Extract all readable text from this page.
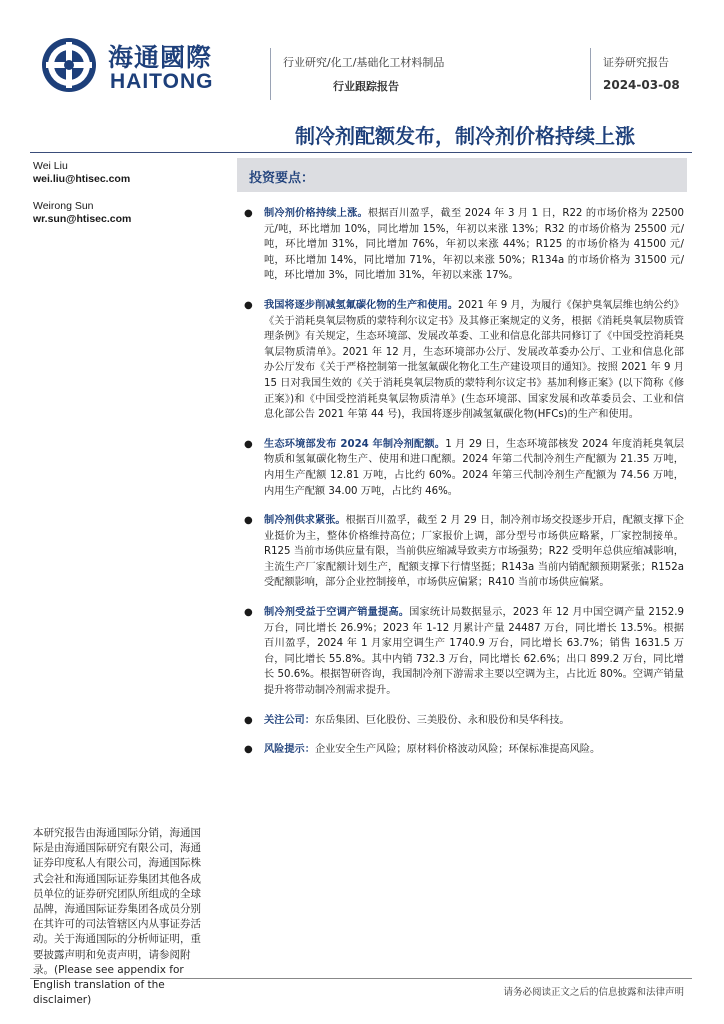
海通國際
HAITONG
行业研究/化工/基础化工材料制品
行业跟踪报告
证券研究报告
2024-03-08
制冷剂配额发布，制冷剂价格持续上涨
Wei Liu
wei.liu@htisec.com
Weirong Sun
wr.sun@htisec.com
投资要点：
● 制冷剂价格持续上涨。根据百川盈孚，截至 2024 年 3 月 1 日，R22 的市场价格为 22500 元/吨，环比增加 10%，同比增加 15%，年初以来涨 13%；R32 的市场价格为 25500 元/吨，环比增加 31%，同比增加 76%，年初以来涨 44%；R125 的市场价格为 41500 元/吨，环比增加 14%，同比增加 71%，年初以来涨 50%；R134a 的市场价格为 31500 元/吨，环比增加 3%，同比增加 31%，年初以来涨 17%。
● 我国将逐步削减氢氟碳化物的生产和使用。2021 年 9 月，为履行《保护臭氧层维也纳公约》《关于消耗臭氧层物质的蒙特利尔议定书》及其修正案规定的义务，根据《消耗臭氧层物质管理条例》有关规定，生态环境部、发展改革委、工业和信息化部共同修订了《中国受控消耗臭氧层物质清单》。2021 年 12 月，生态环境部办公厅、发展改革委办公厅、工业和信息化部办公厅发布《关于严格控制第一批氢氟碳化物化工生产建设项目的通知》。按照 2021 年 9 月 15 日对我国生效的《关于消耗臭氧层物质的蒙特利尔议定书》基加利修正案》(以下简称《修正案》)和《中国受控消耗臭氧层物质清单》(生态环境部、国家发展和改革委员会、工业和信息化部公告 2021 年第 44 号)，我国将逐步削减氢氟碳化物(HFCs)的生产和使用。
● 生态环境部发布 2024 年制冷剂配额。1 月 29 日，生态环境部核发 2024 年度消耗臭氧层物质和氢氟碳化物生产、使用和进口配额。2024 年第二代制冷剂生产配额为 21.35 万吨，内用生产配额 12.81 万吨，占比约 60%。2024 年第三代制冷剂生产配额为 74.56 万吨，内用生产配额 34.00 万吨，占比约 46%。
● 制冷剂供求紧张。根据百川盈孚，截至 2 月 29 日，制冷剂市场交投逐步开启，配额支撑下企业挺价为主，整体价格维持高位；厂家报价上调，部分型号市场供应略紧，厂家控制接单。R125 当前市场供应量有限，当前供应缩减导致卖方市场强势；R22 受明年总供应缩减影响，主流生产厂家配额计划生产，配额支撑下行情坚挺；R143a 当前内销配额预期紧张；R152a 受配额影响，部分企业控制接单，市场供应偏紧；R410 当前市场供应偏紧。
● 制冷剂受益于空调产销量提高。国家统计局数据显示，2023 年 12 月中国空调产量 2152.9 万台，同比增长 26.9%；2023 年 1-12 月累计产量 24487 万台，同比增长 13.5%。根据百川盈孚，2024 年 1 月家用空调生产 1740.9 万台，同比增长 63.7%；销售 1631.5 万台，同比增长 55.8%。其中内销 732.3 万台，同比增长 62.6%；出口 899.2 万台，同比增长 50.6%。根据智研咨询，我国制冷剂下游需求主要以空调为主，占比近 80%。空调产销量提升将带动制冷剂需求提升。
● 关注公司：东岳集团、巨化股份、三美股份、永和股份和昊华科技。
● 风险提示：企业安全生产风险；原材料价格波动风险；环保标准提高风险。
本研究报告由海通国际分销，海通国际是由海通国际研究有限公司，海通证券印度私人有限公司，海通国际株式会社和海通国际证券集团其他各成员单位的证券研究团队所组成的全球品牌，海通国际证券集团各成员分别在其许可的司法管辖区内从事证券活动。关于海通国际的分析师证明，重要披露声明和免责声明，请参阅附录。(Please see appendix for English translation of the disclaimer)
请务必阅读正文之后的信息披露和法律声明
